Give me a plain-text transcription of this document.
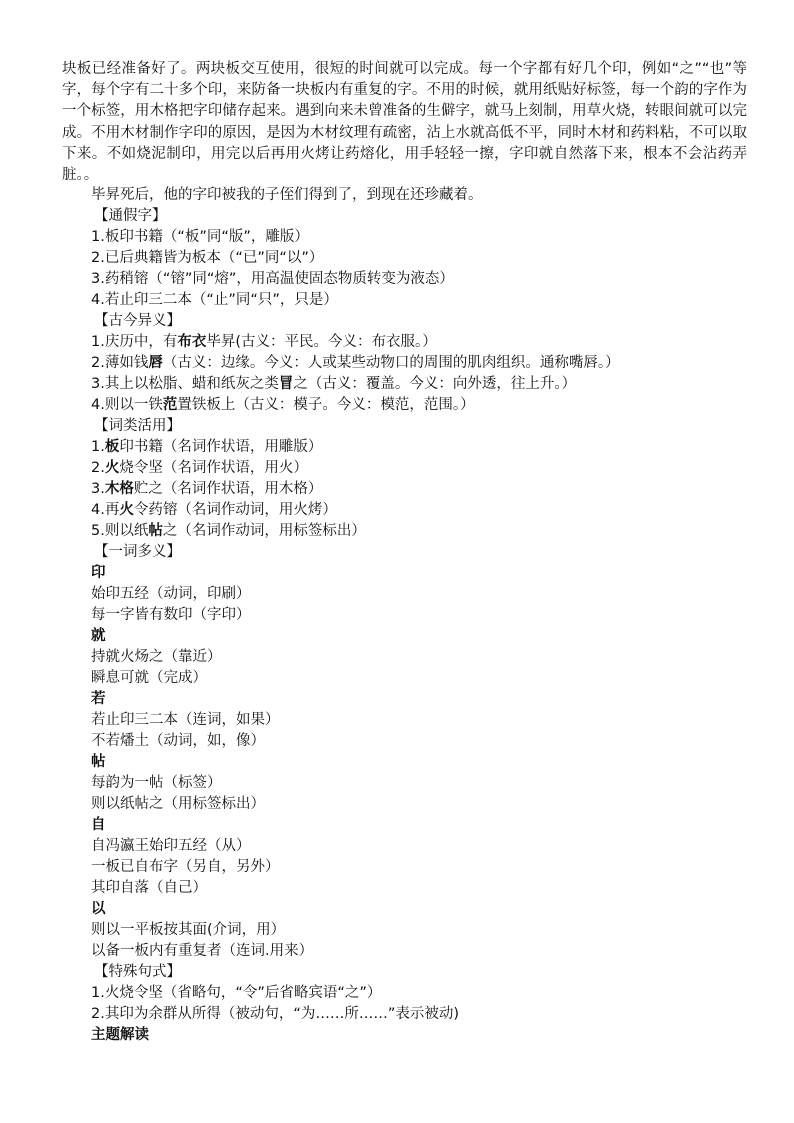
块板已经准备好了。两块板交互使用，很短的时间就可以完成。每一个字都有好几个印，例如“之”“也”等字，每个字有二十多个印，来防备一块板内有重复的字。不用的时候，就用纸贴好标签，每一个韵的字作为一个标签，用木格把字印储存起来。遇到向来未曾准备的生僻字，就马上刻制，用草火烧，转眼间就可以完成。不用木材制作字印的原因，是因为木材纹理有疏密，沾上水就高低不平，同时木材和药料粘，不可以取下来。不如烧泥制印，用完以后再用火烤让药熔化，用手轻轻一擦，字印就自然落下来，根本不会沾药弄脏。。

毕昇死后，他的字印被我的子侄们得到了，到现在还珍藏着。
【通假字】
1.板印书籍（“板”同“版”，雕版）
2.已后典籍皆为板本（“已”同“以”）
3.药稍镕（“镕”同“熔”，用高温使固态物质转变为液态）
4.若止印三二本（“止”同“只”，只是）
【古今异义】
1.庆历中，有布衣毕昇(古义：平民。今义：布衣服。）
2.薄如钱唇（古义：边缘。今义：人或某些动物口的周围的肌肉组织。通称嘴唇。）
3.其上以松脂、蜡和纸灰之类冒之（古义：覆盖。今义：向外透，往上升。）
4.则以一铁范置铁板上（古义：模子。今义：模范，范围。）
【词类活用】
1.板印书籍（名词作状语，用雕版）
2.火烧令坚（名词作状语，用火）
3.木格贮之（名词作状语，用木格）
4.再火令药镕（名词作动词，用火烤）
5.则以纸帖之（名词作动词，用标签标出）
【一词多义】
印
始印五经（动词，印刷）
每一字皆有数印（字印）
就
持就火炀之（靠近）
瞬息可就（完成）
若
若止印三二本（连词，如果）
不若燔土（动词，如，像）
帖
每韵为一帖（标签）
则以纸帖之（用标签标出）
自
自冯瀛王始印五经（从）
一板已自布字（另自，另外）
其印自落（自己）
以
则以一平板按其面(介词，用）
以备一板内有重复者（连词.用来）
【特殊句式】
1.火烧令坚（省略句，“令”后省略宾语“之”）
2.其印为余群从所得（被动句，“为……所……”表示被动)
主题解读
